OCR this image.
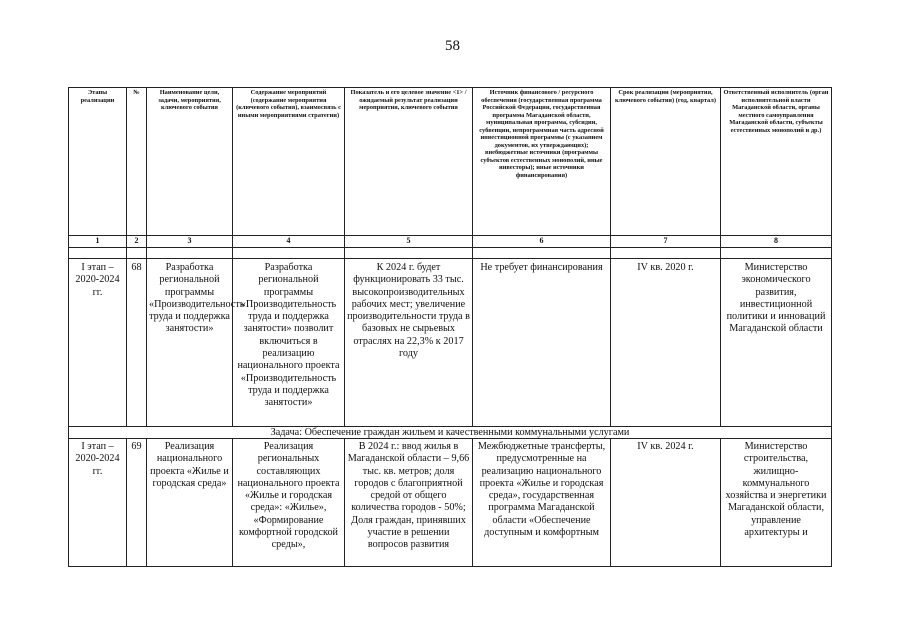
58
Этапы реализации	№	Наименование цели, задачи, мероприятия, ключевого события	Содержание мероприятий (содержание мероприятия (ключевого события), взаимосвязь с иными мероприятиями стратегии)	Показатель и его целевое значение <1> /ожидаемый результат реализации мероприятия, ключевого события	Источник финансового / ресурсного обеспечения (государственная программа Российской Федерации, государственная программа Магаданской области, муниципальная программа, субсидии, субвенции, непрограммная часть адресной инвестиционной программы (с указанием документов, их утверждающих); внебюджетные источники (программы субъектов естественных монополий, иные инвесторы); иные источники финансирования)	Срок реализации (мероприятия, ключевого события) (год, квартал)	Ответственный исполнитель (орган исполнительной власти Магаданской области, органы местного самоуправления Магаданской области, субъекты естественных монополий и др.)
1	2	3	4	5	6	7	8

I этап – 2020-2024 гг.	68	Разработка региональной программы «Производительность труда и поддержка занятости»	Разработка региональной программы «Производительность труда и поддержка занятости» позволит включиться в реализацию национального проекта «Производительность труда и поддержка занятости»	К 2024 г. будет функционировать 33 тыс. высокопроизводительных рабочих мест; увеличение производительности труда в базовых не сырьевых отраслях на 22,3% к 2017 году	Не требует финансирования	IV кв. 2020 г.	Министерство экономического развития, инвестиционной политики и инноваций Магаданской области
Задача: Обеспечение граждан жильем и качественными коммунальными услугами							
I этап – 2020-2024 гг.	69	Реализация национального проекта «Жилье и городская среда»	Реализация региональных составляющих национального проекта «Жилье и городская среда»: «Жилье», «Формирование комфортной городской среды»,	В 2024 г.: ввод жилья в Магаданской области – 9,66 тыс. кв. метров; доля городов с благоприятной средой от общего количества городов - 50%; Доля граждан, принявших участие в решении вопросов развития	Межбюджетные трансферты, предусмотренные на реализацию национального проекта «Жилье и городская среда», государственная программа Магаданской области «Обеспечение доступным и комфортным	IV кв. 2024 г.	Министерство строительства, жилищно-коммунального хозяйства и энергетики Магаданской области, управление архитектуры и
